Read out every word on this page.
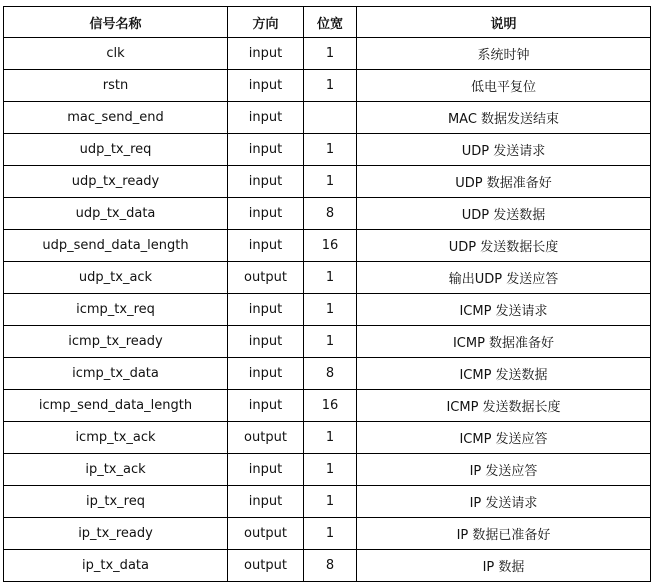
信号名称	方向	位宽	说明
clk	input	1	系统时钟
rstn	input	1	低电平复位
mac_send_end	input		MAC 数据发送结束
udp_tx_req	input	1	UDP 发送请求
udp_tx_ready	input	1	UDP 数据准备好
udp_tx_data	input	8	UDP 发送数据
udp_send_data_length	input	16	UDP 发送数据长度
udp_tx_ack	output	1	输出UDP 发送应答
icmp_tx_req	input	1	ICMP 发送请求
icmp_tx_ready	input	1	ICMP 数据准备好
icmp_tx_data	input	8	ICMP 发送数据
icmp_send_data_length	input	16	ICMP 发送数据长度
icmp_tx_ack	output	1	ICMP 发送应答
ip_tx_ack	input	1	IP 发送应答
ip_tx_req	input	1	IP 发送请求
ip_tx_ready	output	1	IP 数据已准备好
ip_tx_data	output	8	IP 数据
